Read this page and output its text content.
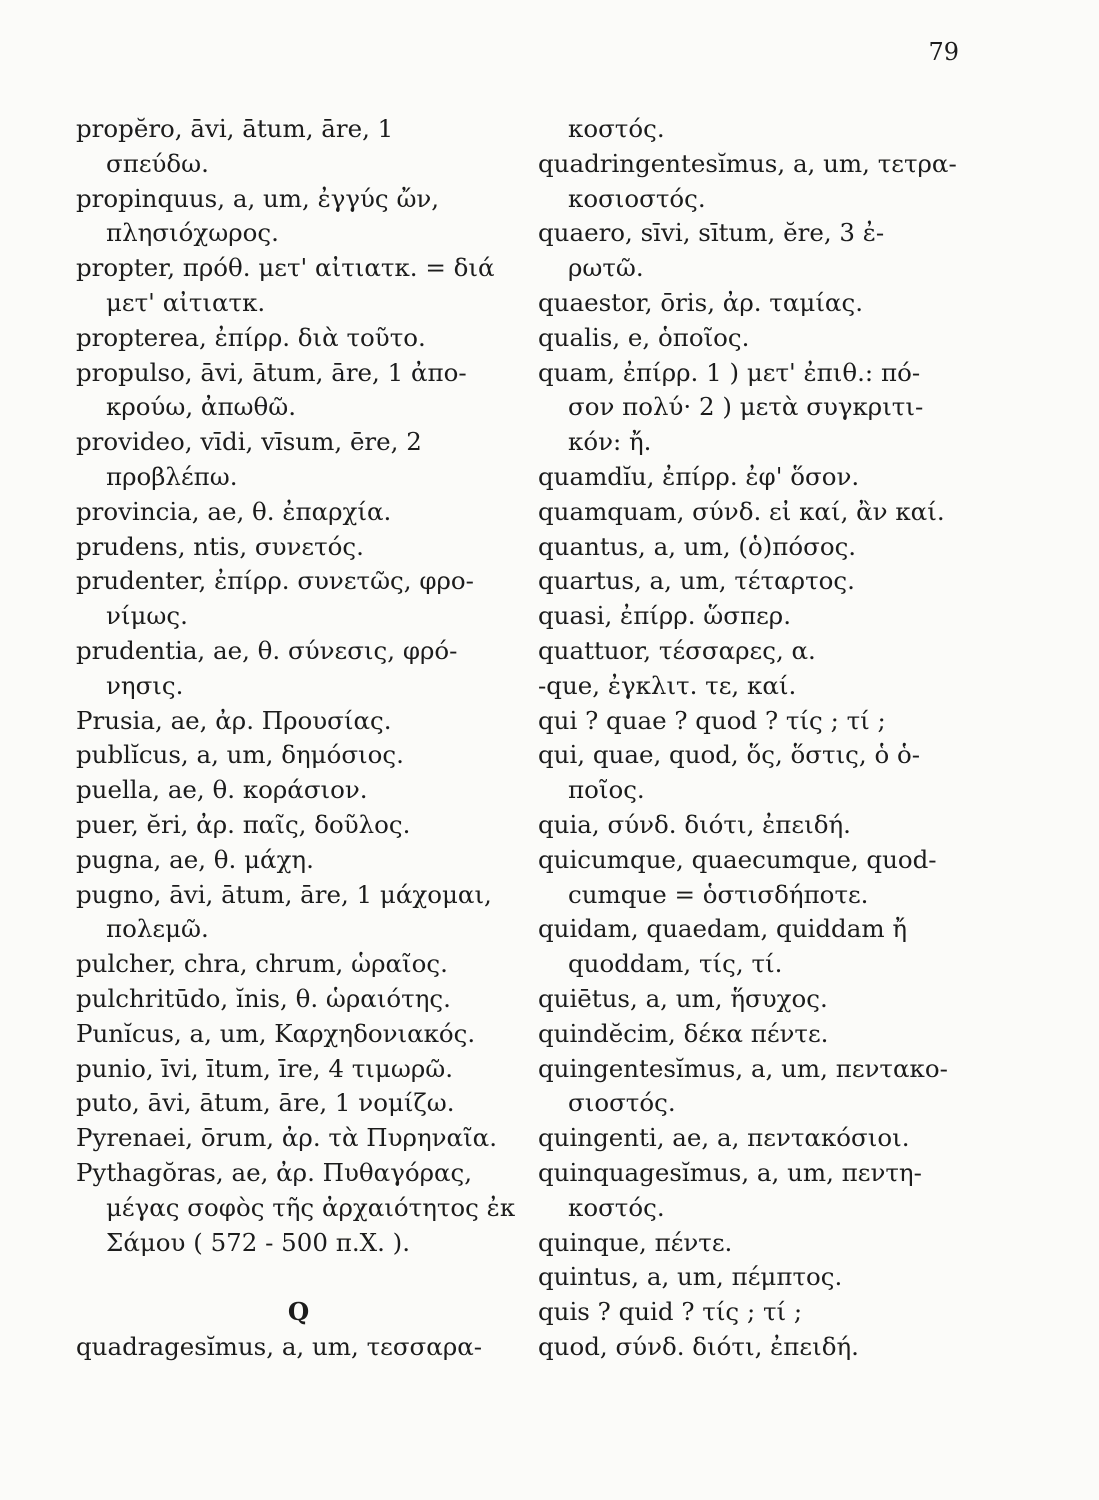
79
propĕro, āvi, ātum, āre, 1
σπεύδω.
propinquus, a, um, ἐγγύς ὤν,
πλησιόχωρος.
propter, πρόθ. μετ' αἰτιατκ. = διά
μετ' αἰτιατκ.
propterea, ἐπίρρ. διὰ τοῦτο.
propulso, āvi, ātum, āre, 1 ἀπο-
κρούω, ἀπωθῶ.
provideo, vīdi, vīsum, ēre, 2
προβλέπω.
provincia, ae, θ. ἐπαρχία.
prudens, ntis, συνετός.
prudenter, ἐπίρρ. συνετῶς, φρο-
νίμως.
prudentia, ae, θ. σύνεσις, φρό-
νησις.
Prusia, ae, ἀρ. Προυσίας.
publĭcus, a, um, δημόσιος.
puella, ae, θ. κοράσιον.
puer, ĕri, ἀρ. παῖς, δοῦλος.
pugna, ae, θ. μάχη.
pugno, āvi, ātum, āre, 1 μάχομαι,
πολεμῶ.
pulcher, chra, chrum, ὡραῖος.
pulchritūdo, ĭnis, θ. ὡραιότης.
Punĭcus, a, um, Καρχηδονιακός.
punio, īvi, ītum, īre, 4 τιμωρῶ.
puto, āvi, ātum, āre, 1 νομίζω.
Pyrenaei, ōrum, ἀρ. τὰ Πυρηναῖα.
Pythagŏras, ae, ἀρ. Πυθαγόρας,
μέγας σοφὸς τῆς ἀρχαιότητος ἐκ
Σάμου ( 572 - 500 π.Χ. ).
Q
quadragesĭmus, a, um, τεσσαρα-
κοστός.
quadringentesĭmus, a, um, τετρα-
κοσιοστός.
quaero, sīvi, sītum, ĕre, 3 ἐ-
ρωτῶ.
quaestor, ōris, ἀρ. ταμίας.
qualis, e, ὁποῖος.
quam, ἐπίρρ. 1 ) μετ' ἐπιθ.: πό-
σον πολύ· 2 ) μετὰ συγκριτι-
κόν: ἤ.
quamdĭu, ἐπίρρ. ἐφ' ὅσον.
quamquam, σύνδ. εἰ καί, ἂν καί.
quantus, a, um, (ὁ)πόσος.
quartus, a, um, τέταρτος.
quasi, ἐπίρρ. ὥσπερ.
quattuor, τέσσαρες, α.
-que, ἐγκλιτ. τε, καί.
qui ? quae ? quod ? τίς ; τί ;
qui, quae, quod, ὅς, ὅστις, ὁ ὁ-
ποῖος.
quia, σύνδ. διότι, ἐπειδή.
quicumque, quaecumque, quod-
cumque = ὁστισδήποτε.
quidam, quaedam, quiddam ἤ
quoddam, τίς, τί.
quiētus, a, um, ἥσυχος.
quindĕcim, δέκα πέντε.
quingentesĭmus, a, um, πεντακο-
σιοστός.
quingenti, ae, a, πεντακόσιοι.
quinquagesĭmus, a, um, πεντη-
κοστός.
quinque, πέντε.
quintus, a, um, πέμπτος.
quis ? quid ? τίς ; τί ;
quod, σύνδ. διότι, ἐπειδή.
